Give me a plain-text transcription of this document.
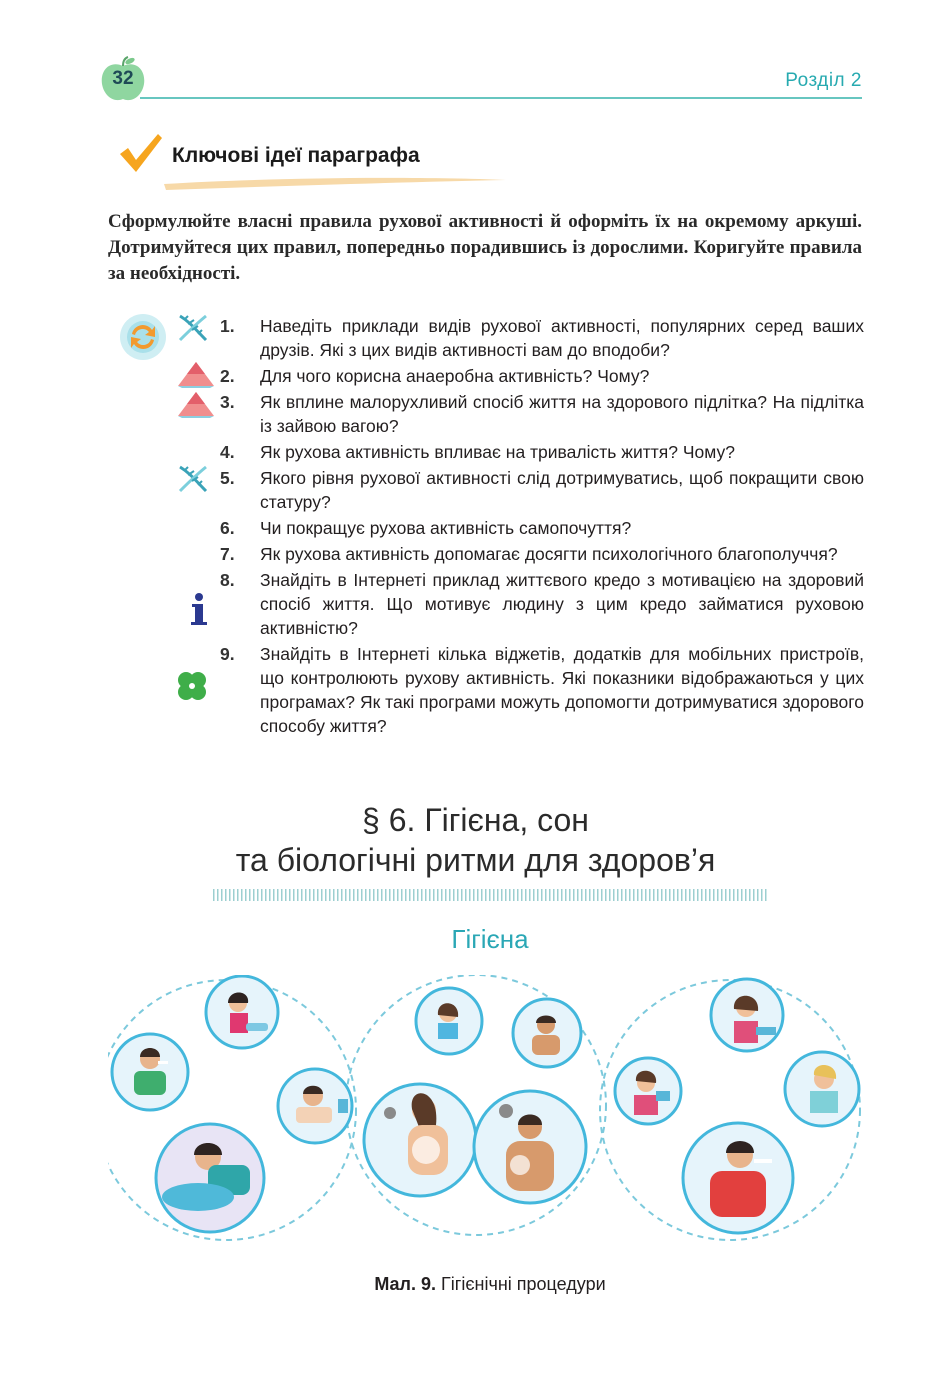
32	Розділ 2
Ключові ідеї параграфа
Сформулюйте власні правила рухової активності й оформіть їх на окремому аркуші. Дотримуйтеся цих правил, попередньо порадившись із дорослими. Коригуйте правила за необхідності.
1.	Наведіть приклади видів рухової активності, популярних серед ваших друзів. Які з цих видів активності вам до вподоби?
2.	Для чого корисна анаеробна активність? Чому?
3.	Як вплине малорухливий спосіб життя на здорового підлітка? На підлітка із зайвою вагою?
4.	Як рухова активність впливає на тривалість життя? Чому?
5.	Якого рівня рухової активності слід дотримуватись, щоб покращити свою статуру?
6.	Чи покращує рухова активність самопочуття?
7.	Як рухова активність допомагає досягти психологічного благополуччя?
8.	Знайдіть в Інтернеті приклад життєвого кредо з мотивацією на здоровий спосіб життя. Що мотивує людину з цим кредо займатися руховою активністю?
9.	Знайдіть в Інтернеті кілька віджетів, додатків для мобільних пристроїв, що контролюють рухову активність. Які показники відображаються у цих програмах? Як такі програми можуть допомогти дотримуватися здорового способу життя?
§ 6. Гігієна, сон
та біологічні ритми для здоров’я
Гігієна
Мал. 9. Гігієнічні процедури
